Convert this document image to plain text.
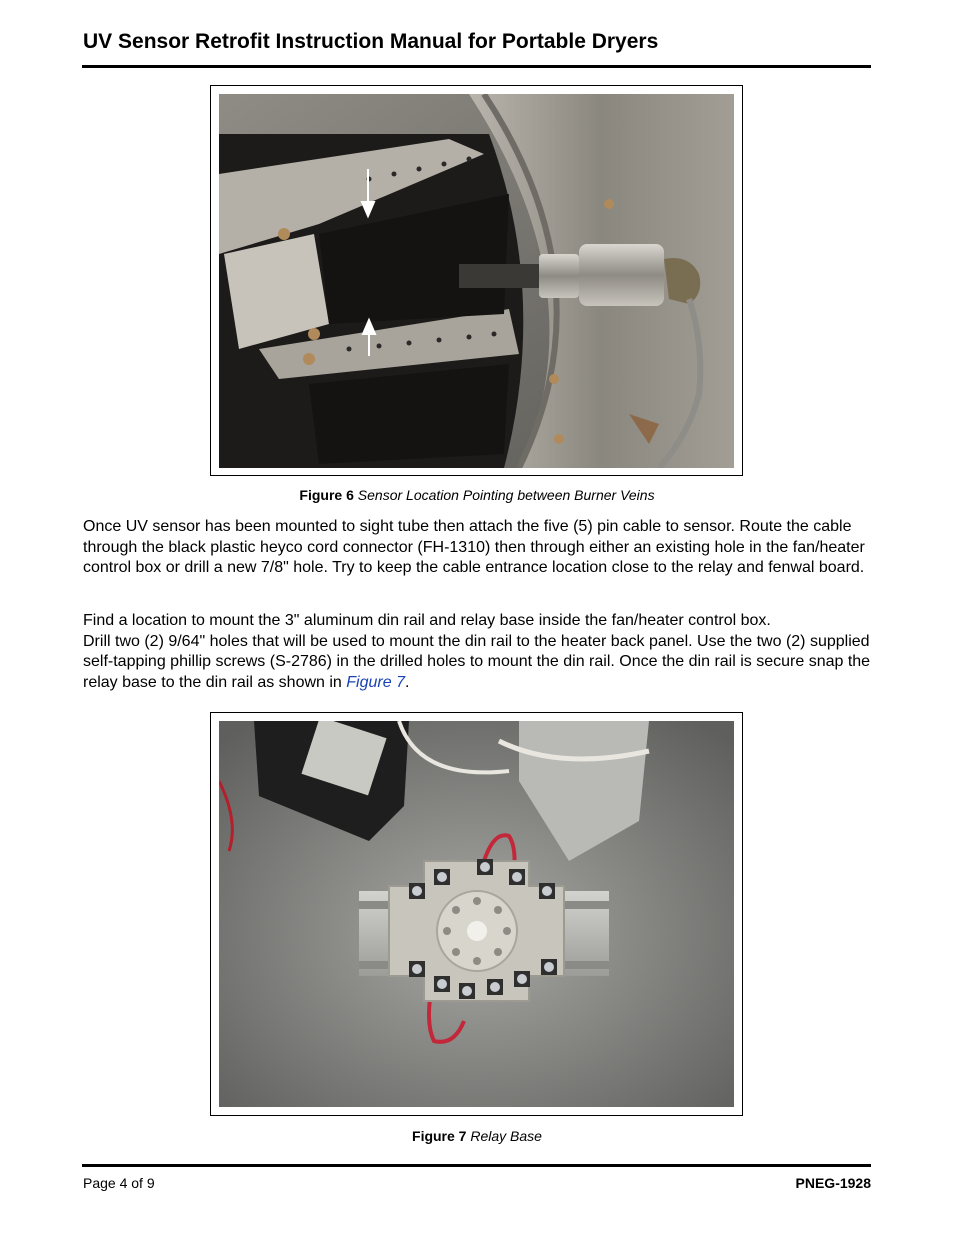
UV Sensor Retrofit Instruction Manual for Portable Dryers
Figure 6 Sensor Location Pointing between Burner Veins

Once UV sensor has been mounted to sight tube then attach the five (5) pin cable to sensor. Route the cable through the black plastic heyco cord connector (FH-1310) then through either an existing hole in the fan/heater control box or drill a new 7/8" hole. Try to keep the cable entrance location close to the relay and fenwal board.

Find a location to mount the 3" aluminum din rail and relay base inside the fan/heater control box.
Drill two (2) 9/64" holes that will be used to mount the din rail to the heater back panel. Use the two (2) supplied self-tapping phillip screws (S-2786) in the drilled holes to mount the din rail. Once the din rail is secure snap the relay base to the din rail as shown in Figure 7.

Figure 7 Relay Base
Page 4 of 9	PNEG-1928
